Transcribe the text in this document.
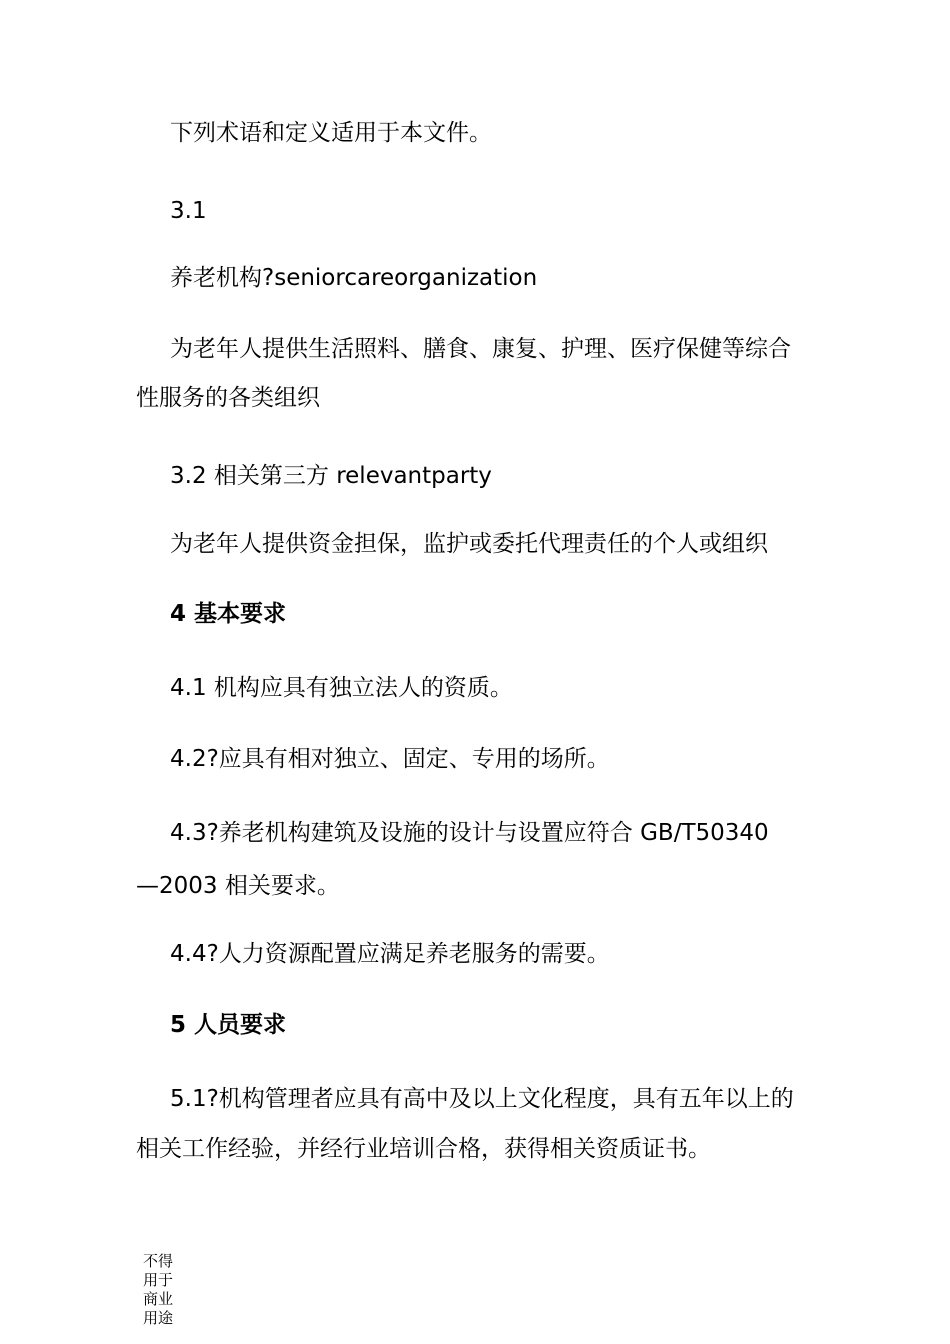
下列术语和定义适用于本文件。

3.1

养老机构?seniorcareorganization

为老年人提供生活照料、膳食、康复、护理、医疗保健等综合

性服务的各类组织

3.2 相关第三方 relevantparty

为老年人提供资金担保，监护或委托代理责任的个人或组织

4 基本要求

4.1 机构应具有独立法人的资质。

4.2?应具有相对独立、固定、专用的场所。

4.3?养老机构建筑及设施的设计与设置应符合 GB/T50340

—2003 相关要求。

4.4?人力资源配置应满足养老服务的需要。

5 人员要求

5.1?机构管理者应具有高中及以上文化程度，具有五年以上的

相关工作经验，并经行业培训合格，获得相关资质证书。

不得用于商业用途
